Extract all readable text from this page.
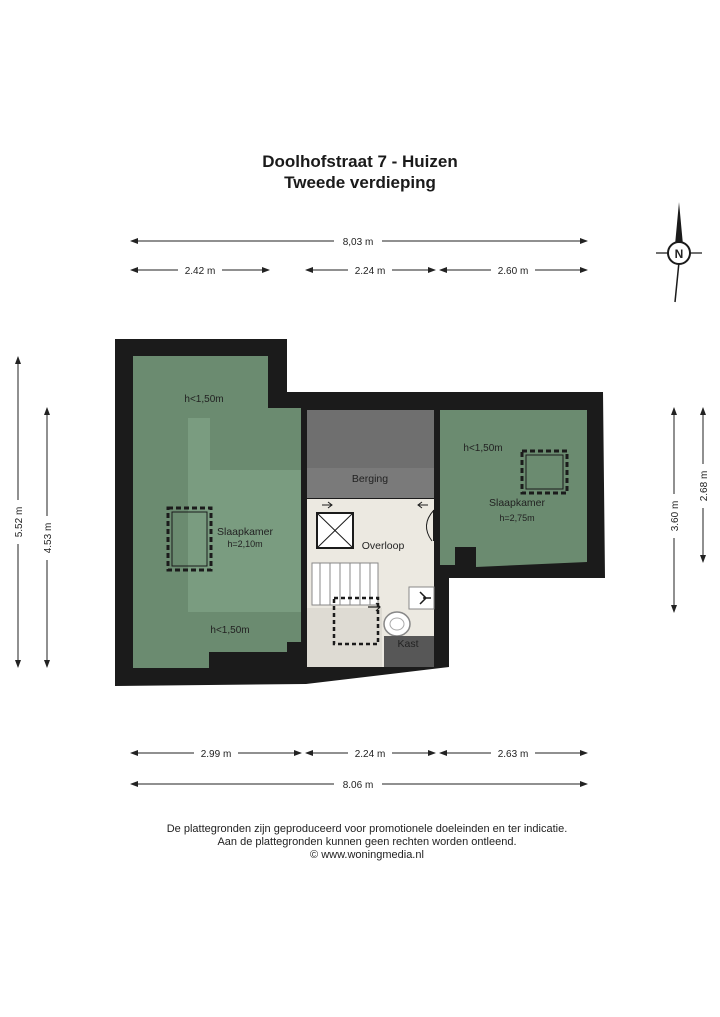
Doolhofstraat 7 - Huizen
Tweede verdieping
8,03 m
2.42 m	2.24 m	2.60 m
2.99 m	2.24 m	2.63 m
8.06 m
5.52 m
4.53 m
3.60 m
2.68 m
N
h<1,50m
Slaapkamer
h=2,10m
h<1,50m
Berging
Overloop
Kast
h<1,50m
Slaapkamer
h=2,75m
De plattegronden zijn geproduceerd voor promotionele doeleinden en ter indicatie.
Aan de plattegronden kunnen geen rechten worden ontleend.
© www.woningmedia.nl
